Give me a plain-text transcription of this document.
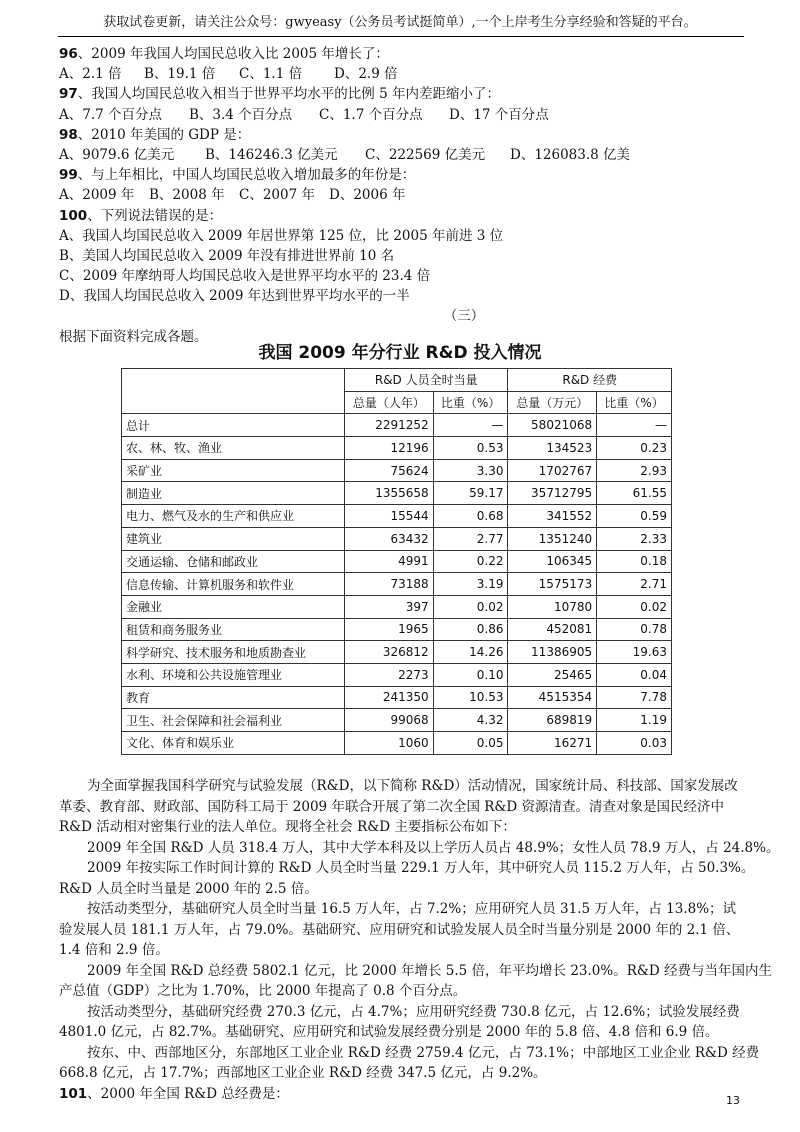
获取试卷更新，请关注公众号：gwyeasy（公务员考试挺简单）,一个上岸考生分享经验和答疑的平台。
96、2009 年我国人均国民总收入比 2005 年增长了：
A、2.1 倍 B、19.1 倍 C、1.1 倍 D、2.9 倍
97、我国人均国民总收入相当于世界平均水平的比例 5 年内差距缩小了：
A、7.7 个百分点 B、3.4 个百分点 C、1.7 个百分点 D、17 个百分点
98、2010 年美国的 GDP 是：
A、9079.6 亿美元 B、146246.3 亿美元 C、222569 亿美元 D、126083.8 亿美
99、与上年相比，中国人均国民总收入增加最多的年份是：
A、2009 年 B、2008 年 C、2007 年 D、2006 年
100、下列说法错误的是：
A、我国人均国民总收入 2009 年居世界第 125 位，比 2005 年前进 3 位
B、美国人均国民总收入 2009 年没有排进世界前 10 名
C、2009 年摩纳哥人均国民总收入是世界平均水平的 23.4 倍
D、我国人均国民总收入 2009 年达到世界平均水平的一半
（三）
根据下面资料完成各题。
我国 2009 年分行业 R&D 投入情况
	R&D 人员全时当量		R&D 经费	
	总量（人年）	比重（%）	总量（万元）	比重（%）
总计	2291252	—	58021068	—
农、林、牧、渔业	12196	0.53	134523	0.23
采矿业	75624	3.30	1702767	2.93
制造业	1355658	59.17	35712795	61.55
电力、燃气及水的生产和供应业	15544	0.68	341552	0.59
建筑业	63432	2.77	1351240	2.33
交通运输、仓储和邮政业	4991	0.22	106345	0.18
信息传输、计算机服务和软件业	73188	3.19	1575173	2.71
金融业	397	0.02	10780	0.02
租赁和商务服务业	1965	0.86	452081	0.78
科学研究、技术服务和地质勘查业	326812	14.26	11386905	19.63
水利、环境和公共设施管理业	2273	0.10	25465	0.04
教育	241350	10.53	4515354	7.78
卫生、社会保障和社会福利业	99068	4.32	689819	1.19
文化、体育和娱乐业	1060	0.05	16271	0.03
为全面掌握我国科学研究与试验发展（R&D，以下简称 R&D）活动情况，国家统计局、科技部、国家发展改
革委、教育部、财政部、国防科工局于 2009 年联合开展了第二次全国 R&D 资源清查。清查对象是国民经济中
R&D 活动相对密集行业的法人单位。现将全社会 R&D 主要指标公布如下：
2009 年全国 R&D 人员 318.4 万人，其中大学本科及以上学历人员占 48.9%；女性人员 78.9 万人，占 24.8%。
2009 年按实际工作时间计算的 R&D 人员全时当量 229.1 万人年，其中研究人员 115.2 万人年，占 50.3%。
R&D 人员全时当量是 2000 年的 2.5 倍。
按活动类型分，基础研究人员全时当量 16.5 万人年，占 7.2%；应用研究人员 31.5 万人年，占 13.8%；试
验发展人员 181.1 万人年，占 79.0%。基础研究、应用研究和试验发展人员全时当量分别是 2000 年的 2.1 倍、
1.4 倍和 2.9 倍。
2009 年全国 R&D 总经费 5802.1 亿元，比 2000 年增长 5.5 倍，年平均增长 23.0%。R&D 经费与当年国内生
产总值（GDP）之比为 1.70%，比 2000 年提高了 0.8 个百分点。
按活动类型分，基础研究经费 270.3 亿元，占 4.7%；应用研究经费 730.8 亿元，占 12.6%；试验发展经费
4801.0 亿元，占 82.7%。基础研究、应用研究和试验发展经费分别是 2000 年的 5.8 倍、4.8 倍和 6.9 倍。
按东、中、西部地区分，东部地区工业企业 R&D 经费 2759.4 亿元，占 73.1%；中部地区工业企业 R&D 经费
668.8 亿元，占 17.7%；西部地区工业企业 R&D 经费 347.5 亿元，占 9.2%。
101、2000 年全国 R&D 总经费是：	13
